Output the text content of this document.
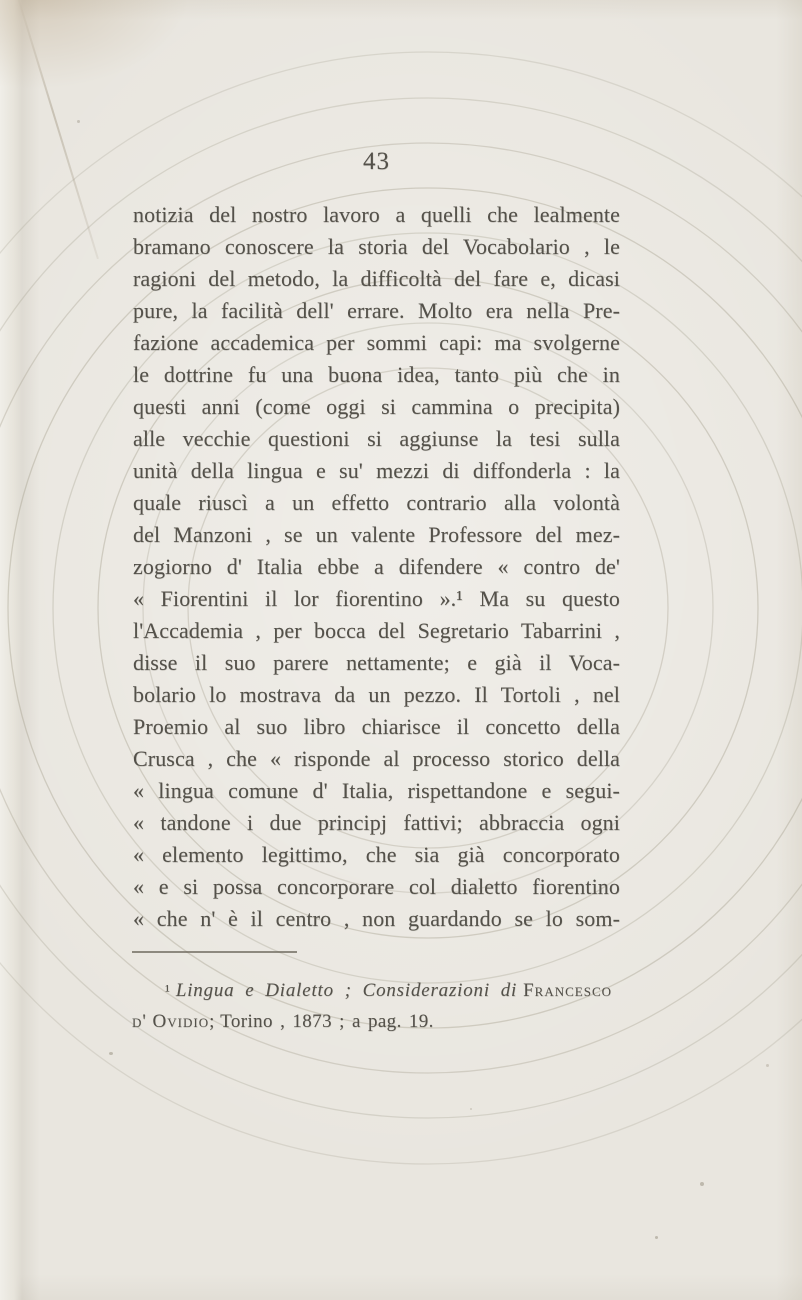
43
notizia del nostro lavoro a quelli che lealmente
bramano conoscere la storia del Vocabolario , le
ragioni del metodo, la difficoltà del fare e, dicasi
pure, la facilità dell' errare. Molto era nella Pre-
fazione accademica per sommi capi: ma svolgerne
le dottrine fu una buona idea, tanto più che in
questi anni (come oggi si cammina o precipita)
alle vecchie questioni si aggiunse la tesi sulla
unità della lingua e su' mezzi di diffonderla : la
quale riuscì a un effetto contrario alla volontà
del Manzoni , se un valente Professore del mez-
zogiorno d' Italia ebbe a difendere « contro de'
« Fiorentini il lor fiorentino ».¹ Ma su questo
l'Accademia , per bocca del Segretario Tabarrini ,
disse il suo parere nettamente; e già il Voca-
bolario lo mostrava da un pezzo. Il Tortoli , nel
Proemio al suo libro chiarisce il concetto della
Crusca , che « risponde al processo storico della
« lingua comune d' Italia, rispettandone e segui-
« tandone i due principj fattivi; abbraccia ogni
« elemento legittimo, che sia già concorporato
« e si possa concorporare col dialetto fiorentino
« che n' è il centro , non guardando se lo som-
¹ Lingua e Dialetto ; Considerazioni di Francesco
d' Ovidio; Torino , 1873 ; a pag. 19.
